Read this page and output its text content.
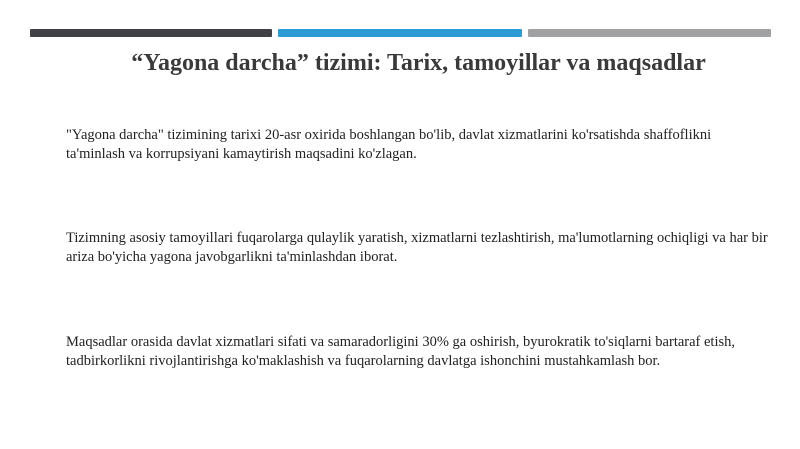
“Yagona darcha” tizimi: Tarix, tamoyillar va maqsadlar
"Yagona darcha" tizimining tarixi 20-asr oxirida boshlangan bo'lib, davlat xizmatlarini ko'rsatishda shaffoflikni ta'minlash va korrupsiyani kamaytirish maqsadini ko'zlagan.
Tizimning asosiy tamoyillari fuqarolarga qulaylik yaratish, xizmatlarni tezlashtirish, ma'lumotlarning ochiqligi va har bir ariza bo'yicha yagona javobgarlikni ta'minlashdan iborat.
Maqsadlar orasida davlat xizmatlari sifati va samaradorligini 30% ga oshirish, byurokratik to'siqlarni bartaraf etish, tadbirkorlikni rivojlantirishga ko'maklashish va fuqarolarning davlatga ishonchini mustahkamlash bor.
